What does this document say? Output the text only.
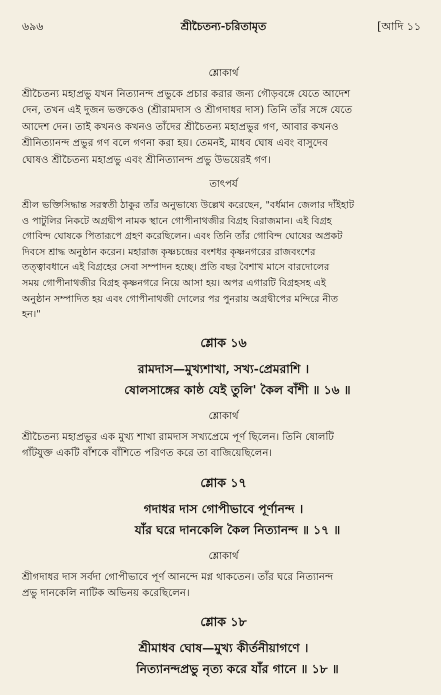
৬৯৬	শ্রীচৈতন্য-চরিতামৃত	[আদি ১১
শ্লোকার্থ
শ্রীচৈতন্য মহাপ্রভু যখন নিত্যানন্দ প্রভুকে প্রচার করার জন্য গৌড়বঙ্গে যেতে আদেশ
দেন, তখন এই দুজন ভক্তকেও (শ্রীরামদাস ও শ্রীগদাধর দাস) তিনি তাঁর সঙ্গে যেতে
আদেশ দেন। তাই কখনও কখনও তাঁদের শ্রীচৈতন্য মহাপ্রভুর গণ, আবার কখনও
শ্রীনিত্যানন্দ প্রভুর গণ বলে গণনা করা হয়। তেমনই, মাধব ঘোষ এবং বাসুদেব
ঘোষও শ্রীচৈতন্য মহাপ্রভু এবং শ্রীনিত্যানন্দ প্রভু উভয়েরই গণ।
তাৎপর্য
শ্রীল ভক্তিসিদ্ধান্ত সরস্বতী ঠাকুর তাঁর অনুভাষ্যে উল্লেখ করেছেন, "বর্ধমান জেলার দাঁইহাট
ও পাটুলির নিকটে অগ্রদ্বীপ নামক স্থানে গোপীনাথজীর বিগ্রহ বিরাজমান। এই বিগ্রহ
গোবিন্দ ঘোষকে পিতারূপে গ্রহণ করেছিলেন। এবং তিনি তাঁর গোবিন্দ ঘোষের অপ্রকট
দিবসে শ্রাদ্ধ অনুষ্ঠান করেন। মহারাজ কৃষ্ণচন্দ্রের বংশধর কৃষ্ণনগরের রাজবংশের
তত্ত্বাবধানে এই বিগ্রহের সেবা সম্পাদন হচ্ছে। প্রতি বছর বৈশাখ মাসে বারদোলের
সময় গোপীনাথজীর বিগ্রহ কৃষ্ণনগরে নিয়ে আসা হয়। অপর এগারটি বিগ্রহসহ এই
অনুষ্ঠান সম্পাদিত হয় এবং গোপীনাথজী দোলের পর পুনরায় অগ্রদ্বীপের মন্দিরে নীত
হন।"
শ্লোক ১৬
রামদাস—মুখ্যশাখা, সখ্য-প্রেমরাশি ।
ষোলসাঙ্গের কাষ্ঠ যেই তুলি' কৈল বাঁশী ॥ ১৬ ॥
শ্লোকার্থ
শ্রীচৈতন্য মহাপ্রভুর এক মুখ্য শাখা রামদাস সখ্যপ্রেমে পূর্ণ ছিলেন। তিনি ষোলটি
গাঁটযুক্ত একটি বাঁশকে বাঁশিতে পরিণত করে তা বাজিয়েছিলেন।
শ্লোক ১৭
গদাধর দাস গোপীভাবে পূর্ণানন্দ ।
যাঁর ঘরে দানকেলি কৈল নিত্যানন্দ ॥ ১৭ ॥
শ্লোকার্থ
শ্রীগদাধর দাস সর্বদা গোপীভাবে পূর্ণ আনন্দে মগ্ন থাকতেন। তাঁর ঘরে নিত্যানন্দ
প্রভু দানকেলি নাটিক অভিনয় করেছিলেন।
শ্লোক ১৮
শ্রীমাধব ঘোষ—মুখ্য কীর্তনীয়াগণে ।
নিত্যানন্দপ্রভু নৃত্য করে যাঁর গানে ॥ ১৮ ॥
